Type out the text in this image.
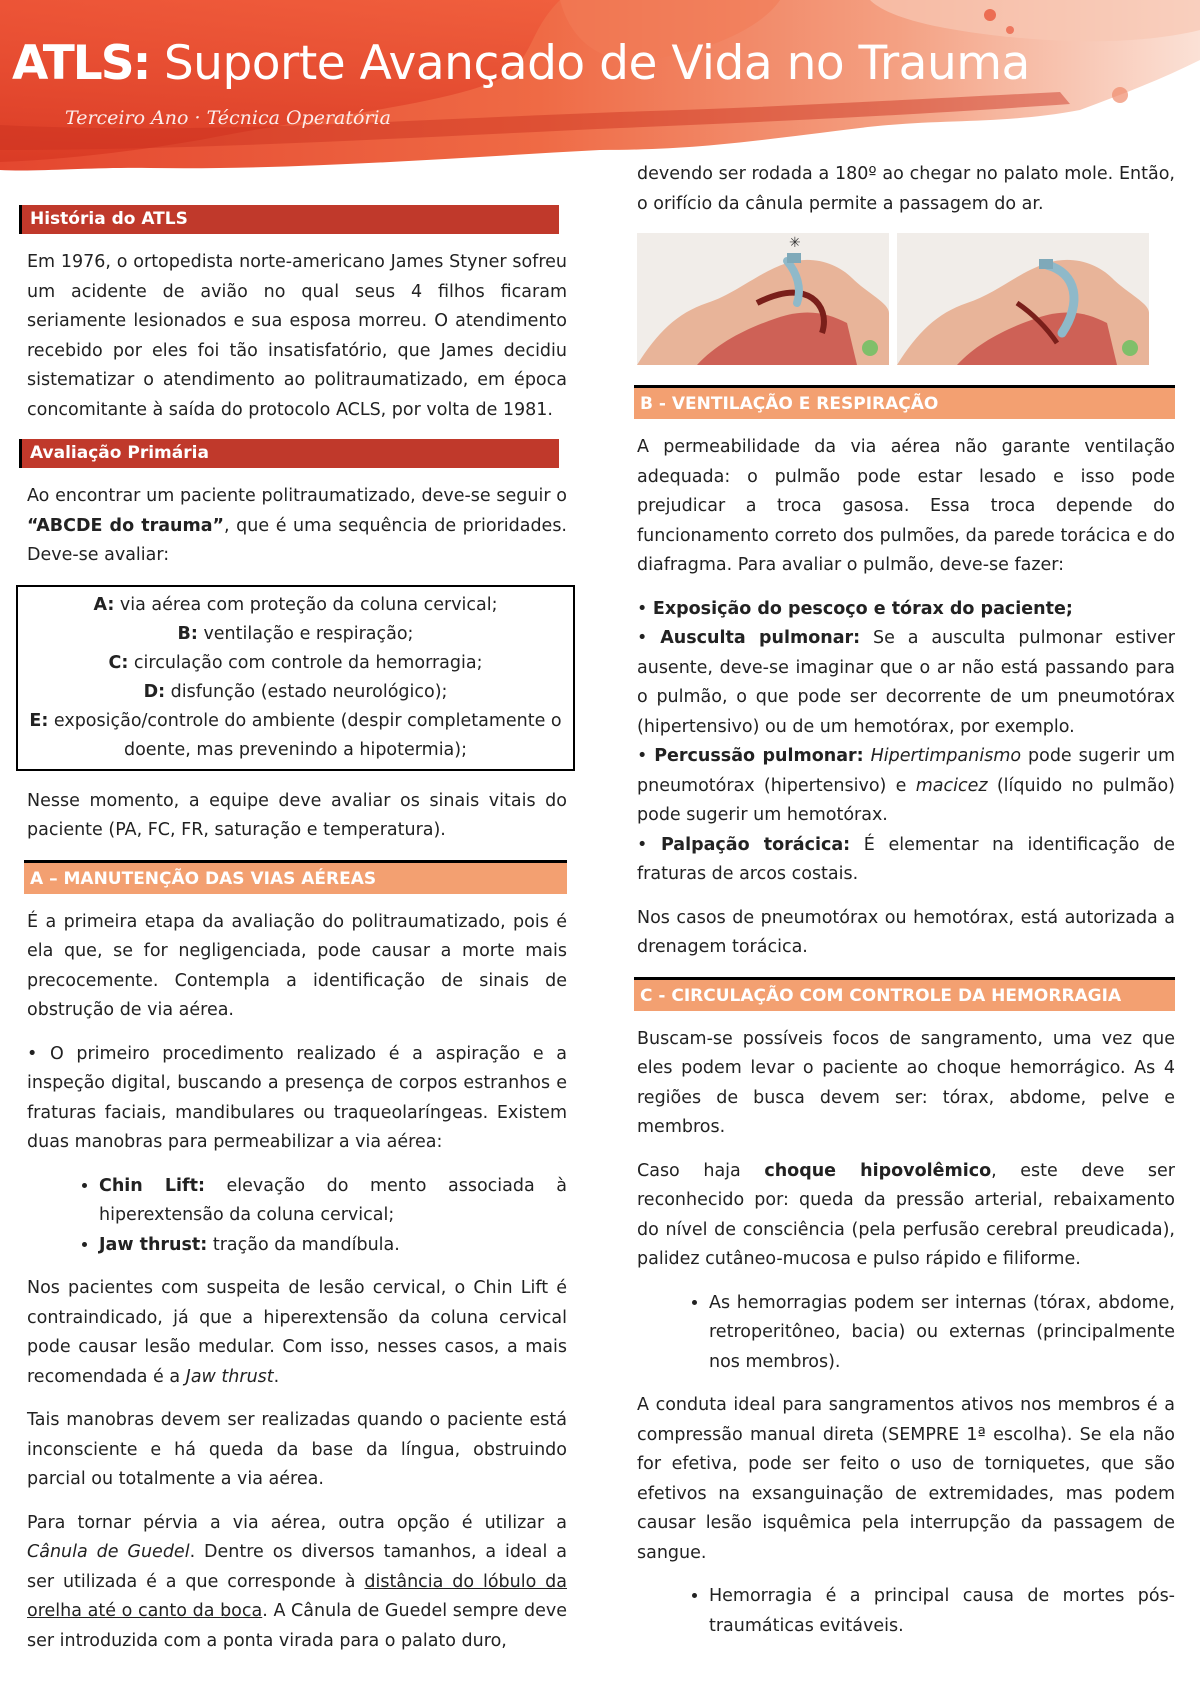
ATLS: Suporte Avançado de Vida no Trauma
Terceiro Ano · Técnica Operatória
História do ATLS

Em 1976, o ortopedista norte-americano James Styner sofreu um acidente de avião no qual seus 4 filhos ficaram seriamente lesionados e sua esposa morreu. O atendimento recebido por eles foi tão insatisfatório, que James decidiu sistematizar o atendimento ao politraumatizado, em época concomitante à saída do protocolo ACLS, por volta de 1981.

Avaliação Primária

Ao encontrar um paciente politraumatizado, deve-se seguir o “ABCDE do trauma”, que é uma sequência de prioridades. Deve-se avaliar:

A: via aérea com proteção da coluna cervical;
B: ventilação e respiração;
C: circulação com controle da hemorragia;
D: disfunção (estado neurológico);
E: exposição/controle do ambiente (despir completamente o doente, mas prevenindo a hipotermia);

Nesse momento, a equipe deve avaliar os sinais vitais do paciente (PA, FC, FR, saturação e temperatura).

A – MANUTENÇÃO DAS VIAS AÉREAS

É a primeira etapa da avaliação do politraumatizado, pois é ela que, se for negligenciada, pode causar a morte mais precocemente. Contempla a identificação de sinais de obstrução de via aérea.

• O primeiro procedimento realizado é a aspiração e a inspeção digital, buscando a presença de corpos estranhos e fraturas faciais, mandibulares ou traqueolaríngeas. Existem duas manobras para permeabilizar a via aérea:

• Chin Lift: elevação do mento associada à hiperextensão da coluna cervical;
• Jaw thrust: tração da mandíbula.

Nos pacientes com suspeita de lesão cervical, o Chin Lift é contraindicado, já que a hiperextensão da coluna cervical pode causar lesão medular. Com isso, nesses casos, a mais recomendada é a Jaw thrust.

Tais manobras devem ser realizadas quando o paciente está inconsciente e há queda da base da língua, obstruindo parcial ou totalmente a via aérea.

Para tornar pérvia a via aérea, outra opção é utilizar a Cânula de Guedel. Dentre os diversos tamanhos, a ideal a ser utilizada é a que corresponde à distância do lóbulo da orelha até o canto da boca. A Cânula de Guedel sempre deve ser introduzida com a ponta virada para o palato duro,

devendo ser rodada a 180º ao chegar no palato mole. Então, o orifício da cânula permite a passagem do ar.

✳
B - VENTILAÇÃO E RESPIRAÇÃO

A permeabilidade da via aérea não garante ventilação adequada: o pulmão pode estar lesado e isso pode prejudicar a troca gasosa. Essa troca depende do funcionamento correto dos pulmões, da parede torácica e do diafragma. Para avaliar o pulmão, deve-se fazer:

• Exposição do pescoço e tórax do paciente;
• Ausculta pulmonar: Se a ausculta pulmonar estiver ausente, deve-se imaginar que o ar não está passando para o pulmão, o que pode ser decorrente de um pneumotórax (hipertensivo) ou de um hemotórax, por exemplo.
• Percussão pulmonar: Hipertimpanismo pode sugerir um pneumotórax (hipertensivo) e macicez (líquido no pulmão) pode sugerir um hemotórax.
• Palpação torácica: É elementar na identificação de fraturas de arcos costais.

Nos casos de pneumotórax ou hemotórax, está autorizada a drenagem torácica.

C - CIRCULAÇÃO COM CONTROLE DA HEMORRAGIA

Buscam-se possíveis focos de sangramento, uma vez que eles podem levar o paciente ao choque hemorrágico. As 4 regiões de busca devem ser: tórax, abdome, pelve e membros.

Caso haja choque hipovolêmico, este deve ser reconhecido por: queda da pressão arterial, rebaixamento do nível de consciência (pela perfusão cerebral preudicada), palidez cutâneo-mucosa e pulso rápido e filiforme.

• As hemorragias podem ser internas (tórax, abdome, retroperitôneo, bacia) ou externas (principalmente nos membros).

A conduta ideal para sangramentos ativos nos membros é a compressão manual direta (SEMPRE 1ª escolha). Se ela não for efetiva, pode ser feito o uso de torniquetes, que são efetivos na exsanguinação de extremidades, mas podem causar lesão isquêmica pela interrupção da passagem de sangue.

• Hemorragia é a principal causa de mortes pós-traumáticas evitáveis.
